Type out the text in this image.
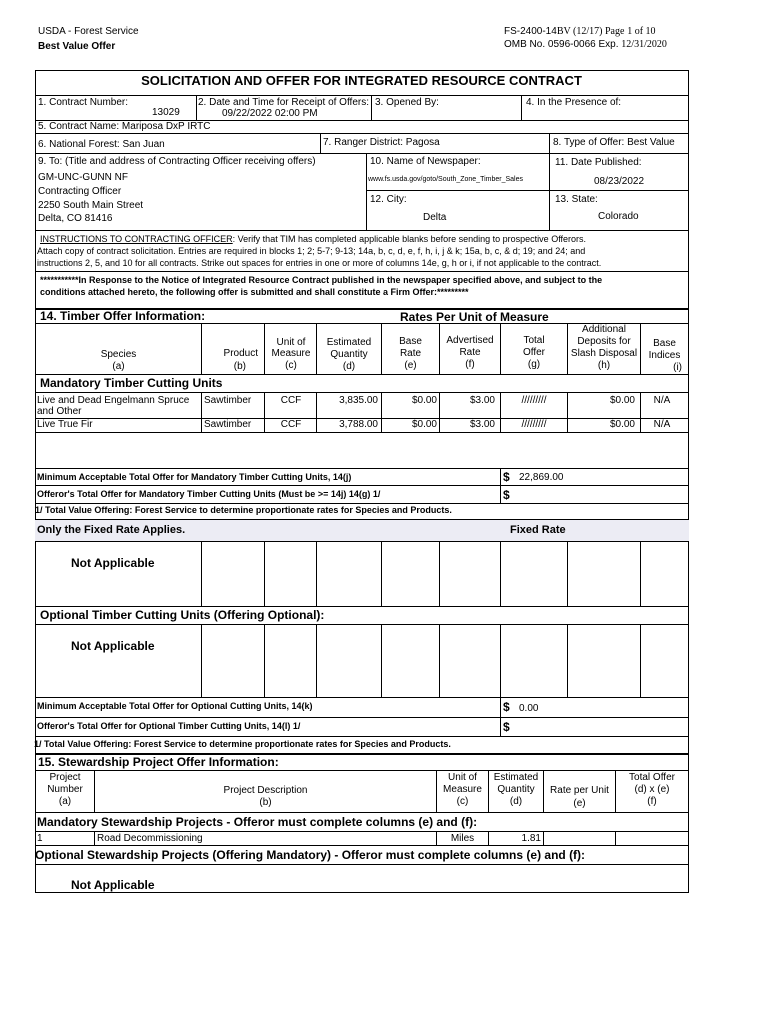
USDA - Forest Service
Best Value Offer
FS-2400-14BV (12/17) Page 1 of 10
OMB No. 0596-0066 Exp. 12/31/2020
SOLICITATION AND OFFER FOR INTEGRATED RESOURCE CONTRACT
1. Contract Number:
13029
2. Date and Time for Receipt of Offers:
09/22/2022 02:00 PM
3. Opened By:	4. In the Presence of:
5. Contract Name: Mariposa DxP IRTC
6. National Forest: San Juan	7. Ranger District: Pagosa	8. Type of Offer: Best Value
9. To: (Title and address of Contracting Officer receiving offers)
GM-UNC-GUNN NF
Contracting Officer
2250 South Main Street
Delta, CO 81416
10. Name of Newspaper:
www.fs.usda.gov/goto/South_Zone_Timber_Sales
11. Date Published:
08/23/2022
12. City:
Delta
13. State:
Colorado
INSTRUCTIONS TO CONTRACTING OFFICER: Verify that TIM has completed applicable blanks before sending to prospective Offerors.
Attach copy of contract solicitation. Entries are required in blocks 1; 2; 5-7; 9-13; 14a, b, c, d, e, f, h, i, j & k; 15a, b, c, & d; 19; and 24; and
instructions 2, 5, and 10 for all contracts. Strike out spaces for entries in one or more of columns 14e, g, h or i, if not applicable to the contract.
***********In Response to the Notice of Integrated Resource Contract published in the newspaper specified above, and subject to the
conditions attached hereto, the following offer is submitted and shall constitute a Firm Offer:*********
14. Timber Offer Information:	Rates Per Unit of Measure
Species
(a)
Product
(b)
Unit of
Measure
(c)
Estimated
Quantity
(d)
Base
Rate
(e)
Advertised
Rate
(f)
Total
Offer
(g)
Additional
Deposits for
Slash Disposal
(h)
Base
Indices
(i)
Mandatory Timber Cutting Units
Live and Dead Engelmann Spruce
and Other
Sawtimber	CCF	3,835.00	$0.00	$3.00	/////////	$0.00	N/A
Live True Fir	Sawtimber	CCF	3,788.00	$0.00	$3.00	/////////	$0.00	N/A
Minimum Acceptable Total Offer for Mandatory Timber Cutting Units, 14(j)	$ 22,869.00
Offeror's Total Offer for Mandatory Timber Cutting Units (Must be >= 14j) 14(g) 1/	$
1/ Total Value Offering: Forest Service to determine proportionate rates for Species and Products.
Only the Fixed Rate Applies.	Fixed Rate
Not Applicable
Optional Timber Cutting Units (Offering Optional):
Not Applicable
Minimum Acceptable Total Offer for Optional Cutting Units, 14(k)	$ 0.00
Offeror's Total Offer for Optional Timber Cutting Units, 14(l) 1/	$
1/ Total Value Offering: Forest Service to determine proportionate rates for Species and Products.
15. Stewardship Project Offer Information:
Project
Number
(a)
Project Description
(b)
Unit of
Measure
(c)
Estimated
Quantity
(d)
Rate per Unit
(e)
Total Offer
(d) x (e)
(f)
Mandatory Stewardship Projects - Offeror must complete columns (e) and (f):
1	Road Decommissioning	Miles	1.81
Optional Stewardship Projects (Offering Mandatory) - Offeror must complete columns (e) and (f):
Not Applicable
